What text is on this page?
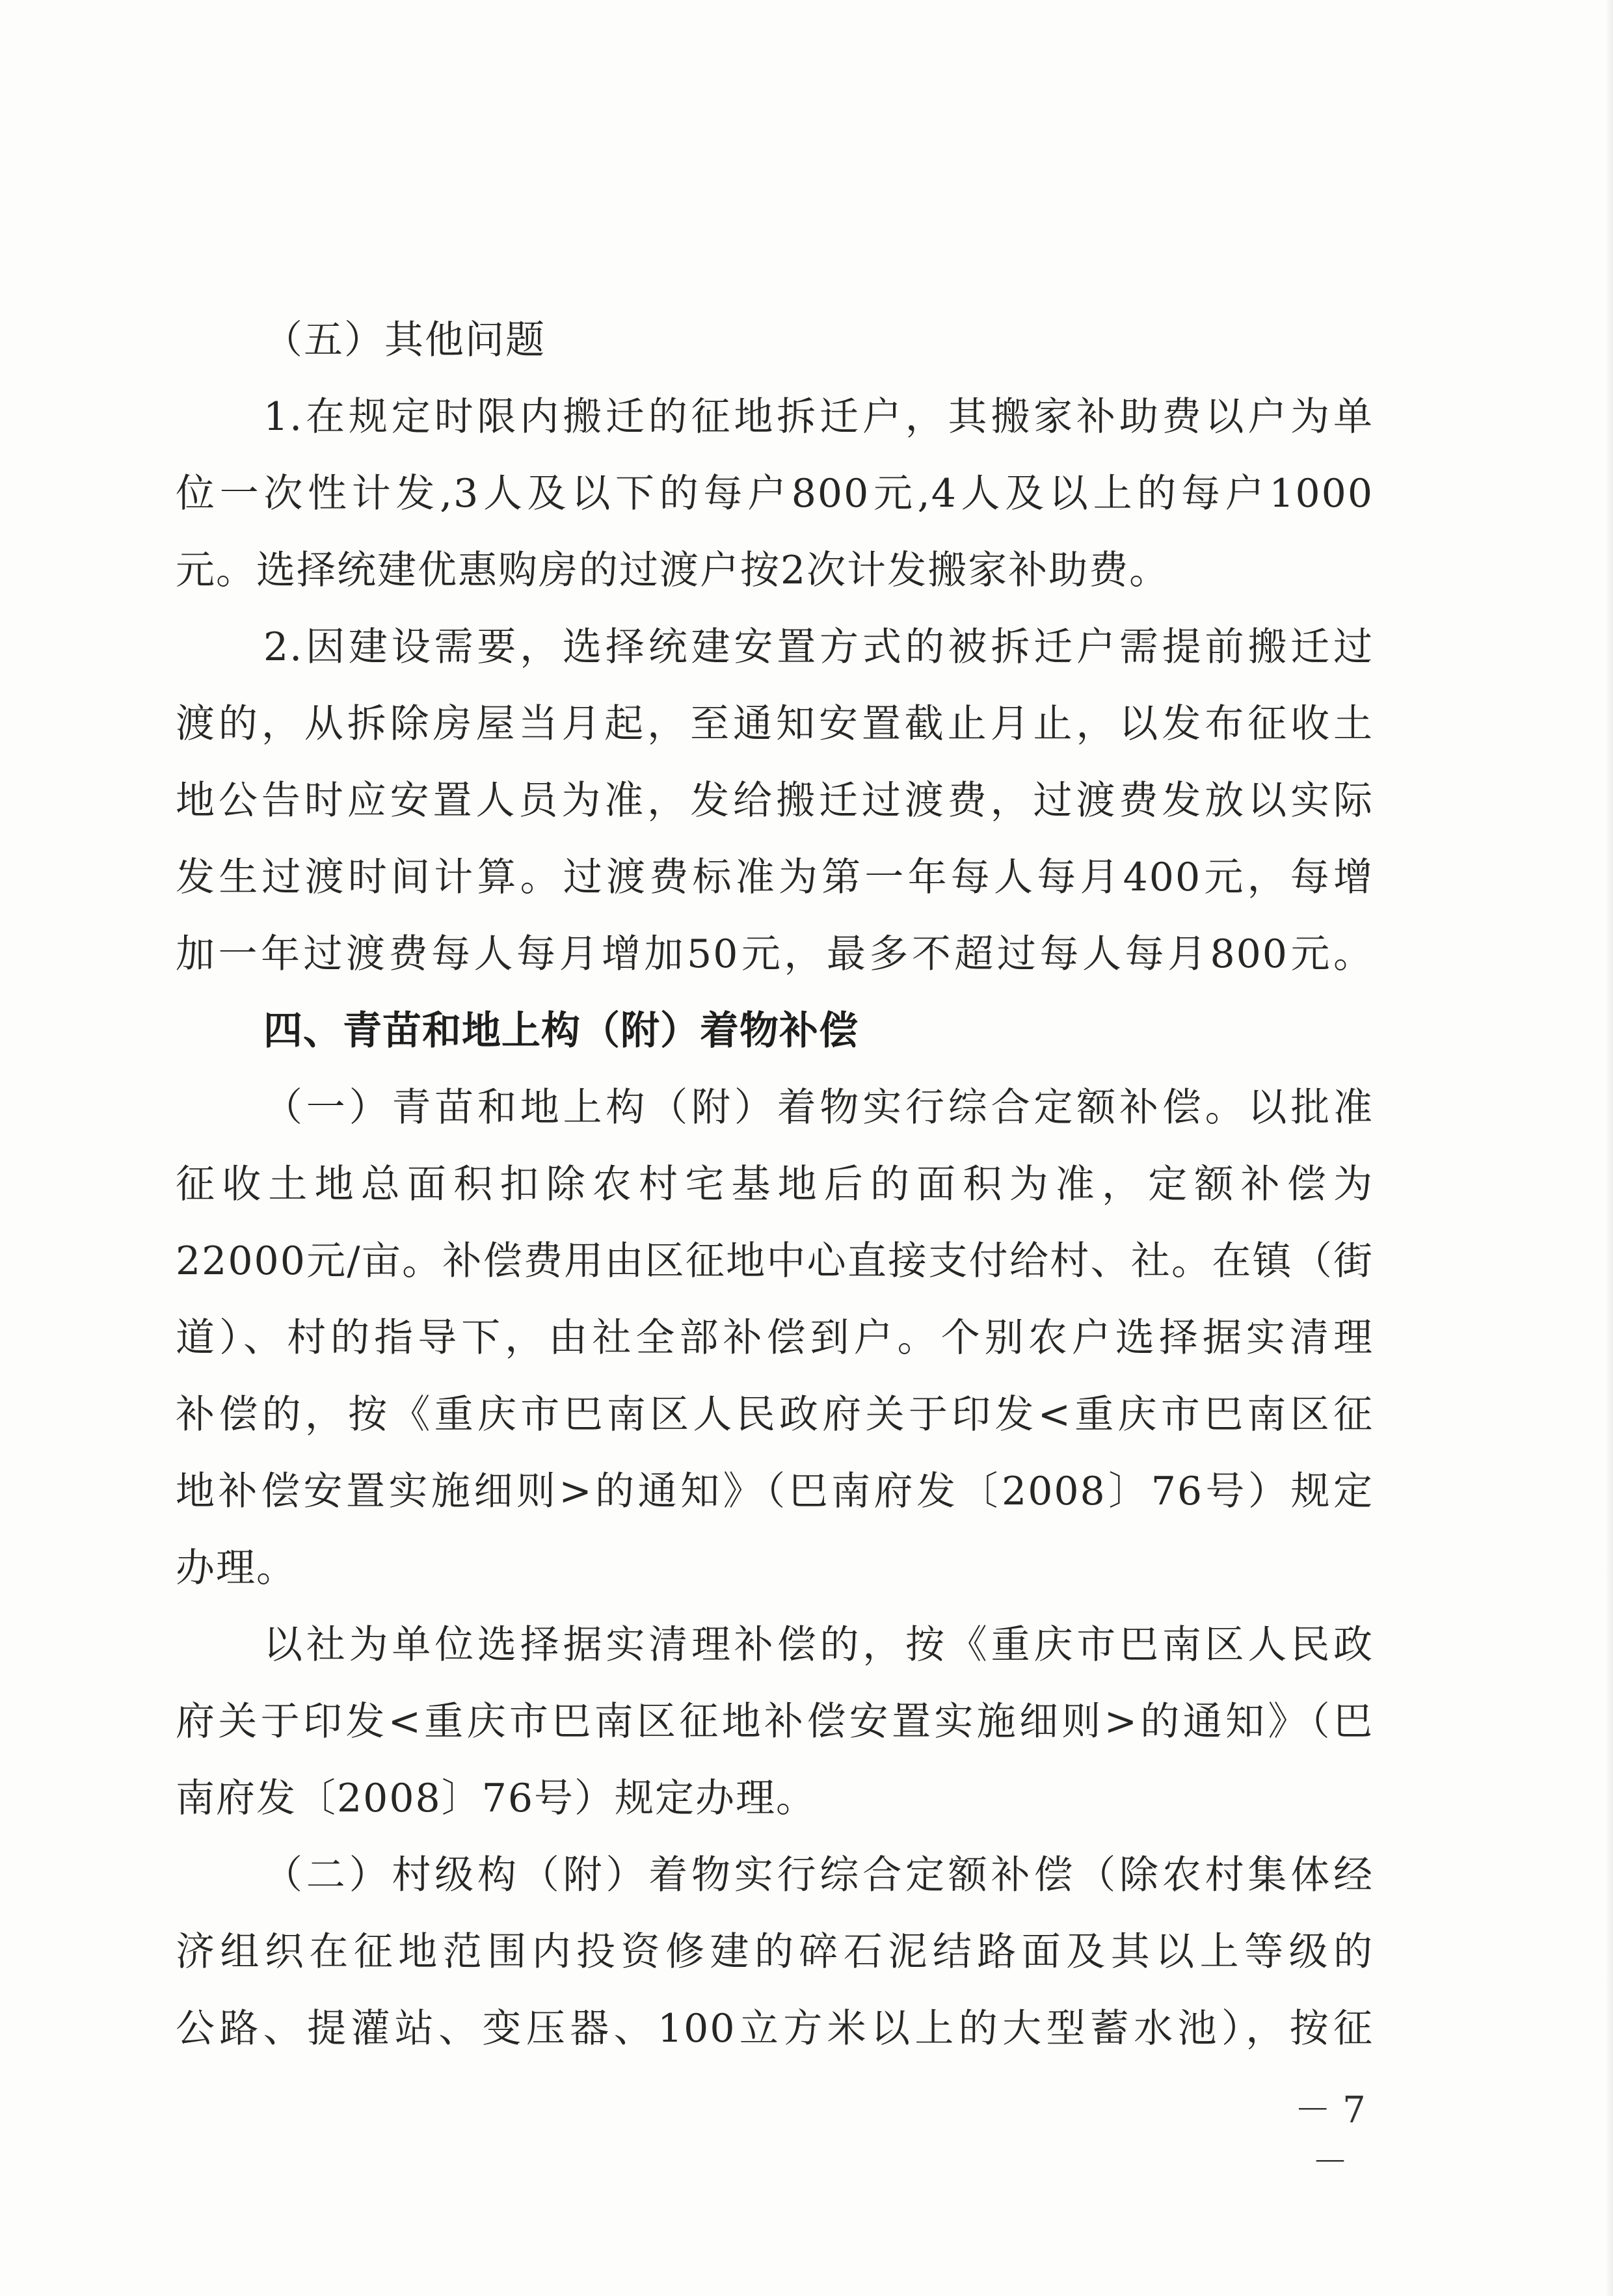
（五）其他问题
1.在规定时限内搬迁的征地拆迁户，其搬家补助费以户为单
位一次性计发,3人及以下的每户800元,4人及以上的每户1000
元。选择统建优惠购房的过渡户按2次计发搬家补助费。
2.因建设需要，选择统建安置方式的被拆迁户需提前搬迁过
渡的，从拆除房屋当月起，至通知安置截止月止，以发布征收土
地公告时应安置人员为准，发给搬迁过渡费，过渡费发放以实际
发生过渡时间计算。过渡费标准为第一年每人每月400元，每增
加一年过渡费每人每月增加50元，最多不超过每人每月800元。
四、青苗和地上构（附）着物补偿
（一）青苗和地上构（附）着物实行综合定额补偿。以批准
征收土地总面积扣除农村宅基地后的面积为准，定额补偿为
22000元/亩。补偿费用由区征地中心直接支付给村、社。在镇（街
道）、村的指导下，由社全部补偿到户。个别农户选择据实清理
补偿的，按《重庆市巴南区人民政府关于印发<重庆市巴南区征
地补偿安置实施细则>的通知》（巴南府发〔2008〕76号）规定
办理。
以社为单位选择据实清理补偿的，按《重庆市巴南区人民政
府关于印发<重庆市巴南区征地补偿安置实施细则>的通知》（巴
南府发〔2008〕76号）规定办理。
（二）村级构（附）着物实行综合定额补偿（除农村集体经
济组织在征地范围内投资修建的碎石泥结路面及其以上等级的
公路、提灌站、变压器、100立方米以上的大型蓄水池），按征
－ 7 －
